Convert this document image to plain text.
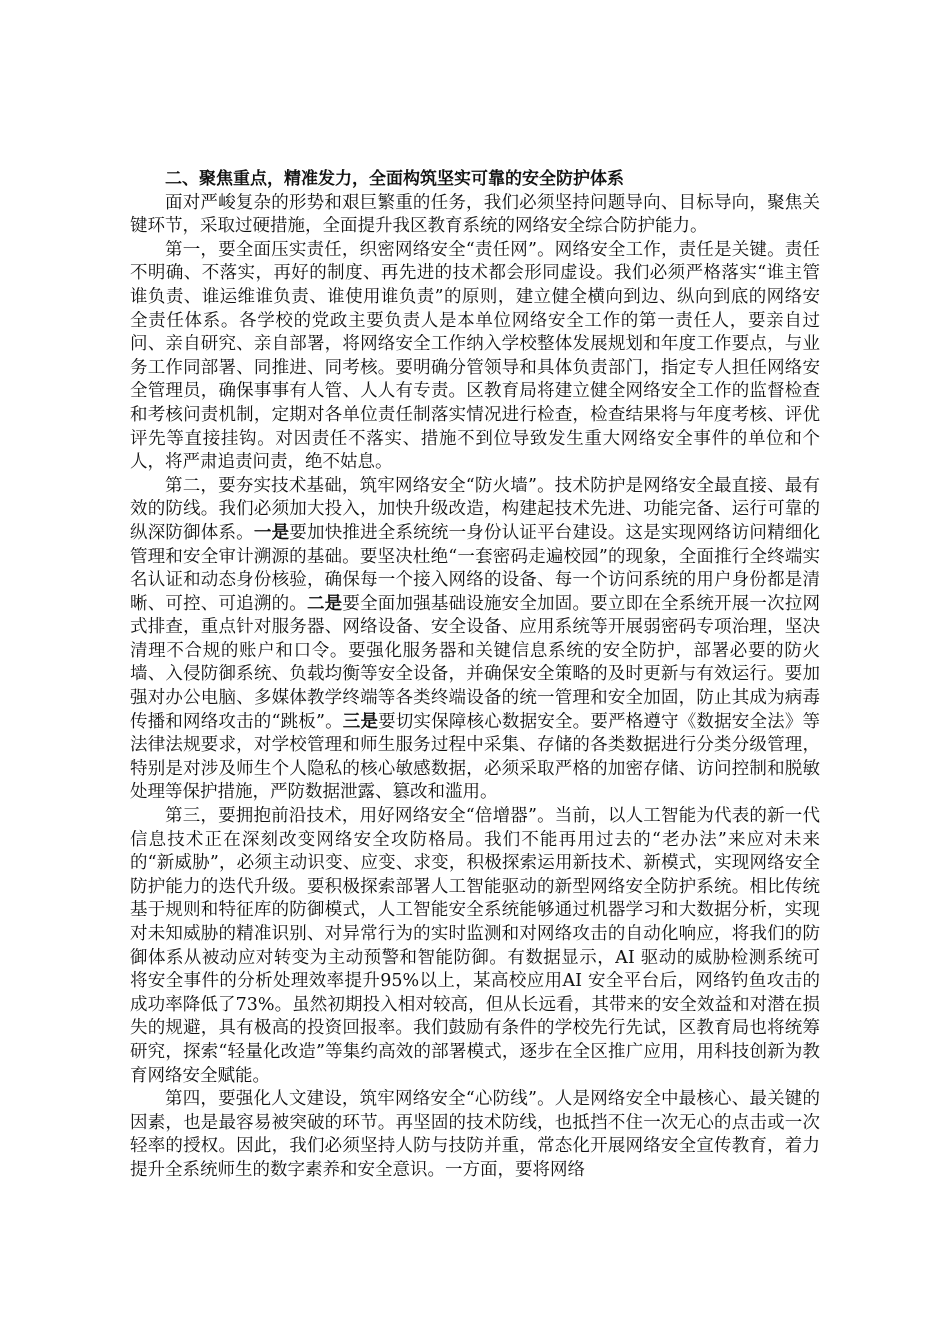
二、聚焦重点，精准发力，全面构筑坚实可靠的安全防护体系

面对严峻复杂的形势和艰巨繁重的任务，我们必须坚持问题导向、目标导向，聚焦关键环节，采取过硬措施，全面提升我区教育系统的网络安全综合防护能力。

第一，要全面压实责任，织密网络安全“责任网”。网络安全工作，责任是关键。责任不明确、不落实，再好的制度、再先进的技术都会形同虚设。我们必须严格落实“谁主管谁负责、谁运维谁负责、谁使用谁负责”的原则，建立健全横向到边、纵向到底的网络安全责任体系。各学校的党政主要负责人是本单位网络安全工作的第一责任人，要亲自过问、亲自研究、亲自部署，将网络安全工作纳入学校整体发展规划和年度工作要点，与业务工作同部署、同推进、同考核。要明确分管领导和具体负责部门，指定专人担任网络安全管理员，确保事事有人管、人人有专责。区教育局将建立健全网络安全工作的监督检查和考核问责机制，定期对各单位责任制落实情况进行检查，检查结果将与年度考核、评优评先等直接挂钩。对因责任不落实、措施不到位导致发生重大网络安全事件的单位和个人，将严肃追责问责，绝不姑息。

第二，要夯实技术基础，筑牢网络安全“防火墙”。技术防护是网络安全最直接、最有效的防线。我们必须加大投入，加快升级改造，构建起技术先进、功能完备、运行可靠的纵深防御体系。一是要加快推进全系统统一身份认证平台建设。这是实现网络访问精细化管理和安全审计溯源的基础。要坚决杜绝“一套密码走遍校园”的现象，全面推行全终端实名认证和动态身份核验，确保每一个接入网络的设备、每一个访问系统的用户身份都是清晰、可控、可追溯的。二是要全面加强基础设施安全加固。要立即在全系统开展一次拉网式排查，重点针对服务器、网络设备、安全设备、应用系统等开展弱密码专项治理，坚决清理不合规的账户和口令。要强化服务器和关键信息系统的安全防护，部署必要的防火墙、入侵防御系统、负载均衡等安全设备，并确保安全策略的及时更新与有效运行。要加强对办公电脑、多媒体教学终端等各类终端设备的统一管理和安全加固，防止其成为病毒传播和网络攻击的“跳板”。三是要切实保障核心数据安全。要严格遵守《数据安全法》等法律法规要求，对学校管理和师生服务过程中采集、存储的各类数据进行分类分级管理，特别是对涉及师生个人隐私的核心敏感数据，必须采取严格的加密存储、访问控制和脱敏处理等保护措施，严防数据泄露、篡改和滥用。

第三，要拥抱前沿技术，用好网络安全“倍增器”。当前，以人工智能为代表的新一代信息技术正在深刻改变网络安全攻防格局。我们不能再用过去的“老办法”来应对未来的“新威胁”，必须主动识变、应变、求变，积极探索运用新技术、新模式，实现网络安全防护能力的迭代升级。要积极探索部署人工智能驱动的新型网络安全防护系统。相比传统基于规则和特征库的防御模式，人工智能安全系统能够通过机器学习和大数据分析，实现对未知威胁的精准识别、对异常行为的实时监测和对网络攻击的自动化响应，将我们的防御体系从被动应对转变为主动预警和智能防御。有数据显示，AI 驱动的威胁检测系统可将安全事件的分析处理效率提升95%以上，某高校应用AI 安全平台后，网络钓鱼攻击的成功率降低了73%。虽然初期投入相对较高，但从长远看，其带来的安全效益和对潜在损失的规避，具有极高的投资回报率。我们鼓励有条件的学校先行先试，区教育局也将统筹研究，探索“轻量化改造”等集约高效的部署模式，逐步在全区推广应用，用科技创新为教育网络安全赋能。

第四，要强化人文建设，筑牢网络安全“心防线”。人是网络安全中最核心、最关键的因素，也是最容易被突破的环节。再坚固的技术防线，也抵挡不住一次无心的点击或一次轻率的授权。因此，我们必须坚持人防与技防并重，常态化开展网络安全宣传教育，着力提升全系统师生的数字素养和安全意识。一方面，要将网络
